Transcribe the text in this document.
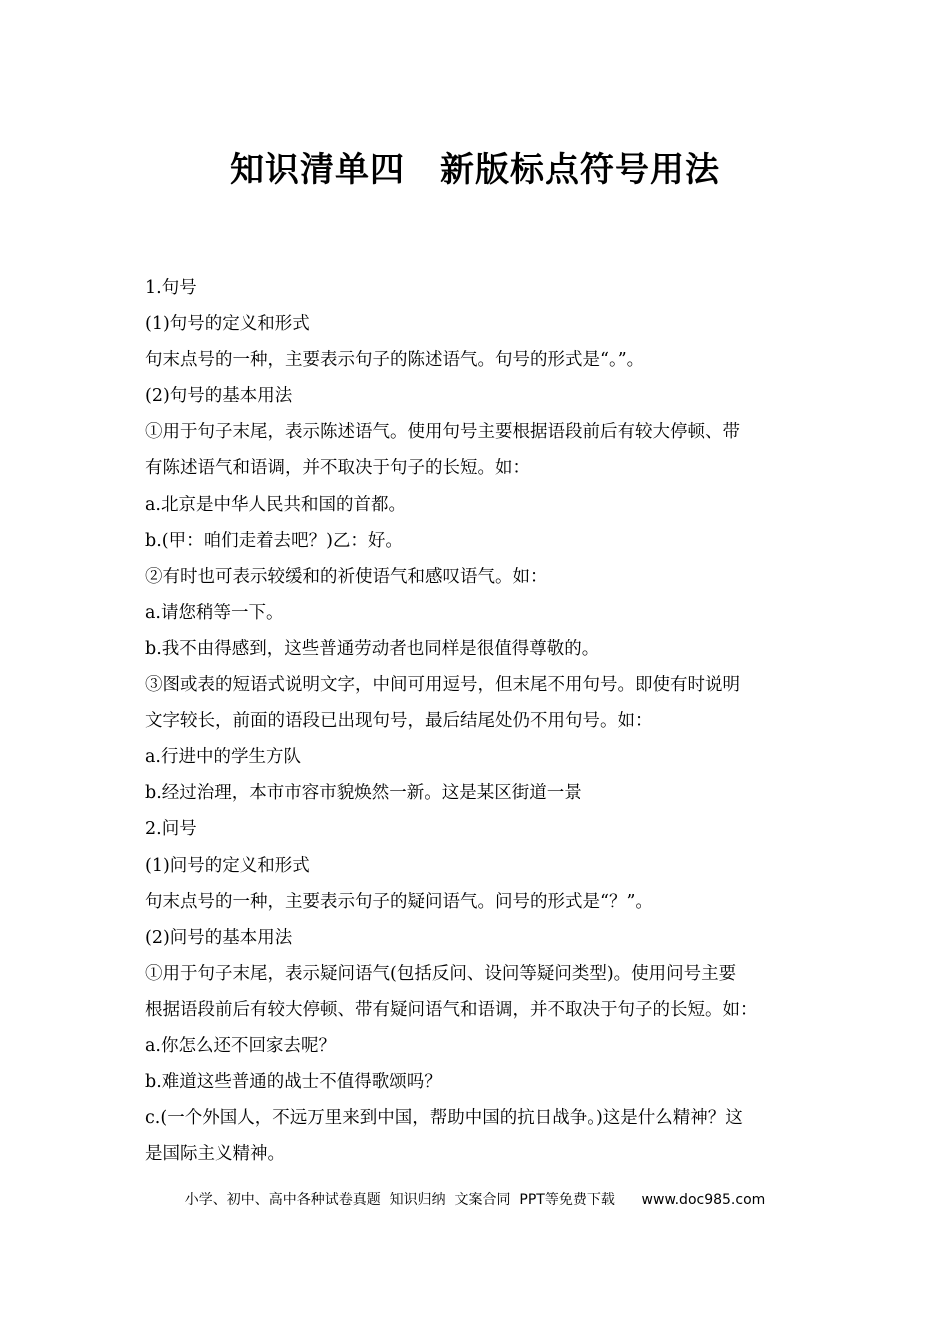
知识清单四　新版标点符号用法
1.句号
(1)句号的定义和形式
句末点号的一种，主要表示句子的陈述语气。句号的形式是“。”。
(2)句号的基本用法
①用于句子末尾，表示陈述语气。使用句号主要根据语段前后有较大停顿、带
有陈述语气和语调，并不取决于句子的长短。如：
a.北京是中华人民共和国的首都。
b.(甲：咱们走着去吧？)乙：好。
②有时也可表示较缓和的祈使语气和感叹语气。如：
a.请您稍等一下。
b.我不由得感到，这些普通劳动者也同样是很值得尊敬的。
③图或表的短语式说明文字，中间可用逗号，但末尾不用句号。即使有时说明
文字较长，前面的语段已出现句号，最后结尾处仍不用句号。如：
a.行进中的学生方队
b.经过治理，本市市容市貌焕然一新。这是某区街道一景
2.问号
(1)问号的定义和形式
句末点号的一种，主要表示句子的疑问语气。问号的形式是“？”。
(2)问号的基本用法
①用于句子末尾，表示疑问语气(包括反问、设问等疑问类型)。使用问号主要
根据语段前后有较大停顿、带有疑问语气和语调，并不取决于句子的长短。如：
a.你怎么还不回家去呢？
b.难道这些普通的战士不值得歌颂吗？
c.(一个外国人，不远万里来到中国，帮助中国的抗日战争。)这是什么精神？这
是国际主义精神。
小学、初中、高中各种试卷真题  知识归纳  文案合同  PPT等免费下载      www.doc985.com
